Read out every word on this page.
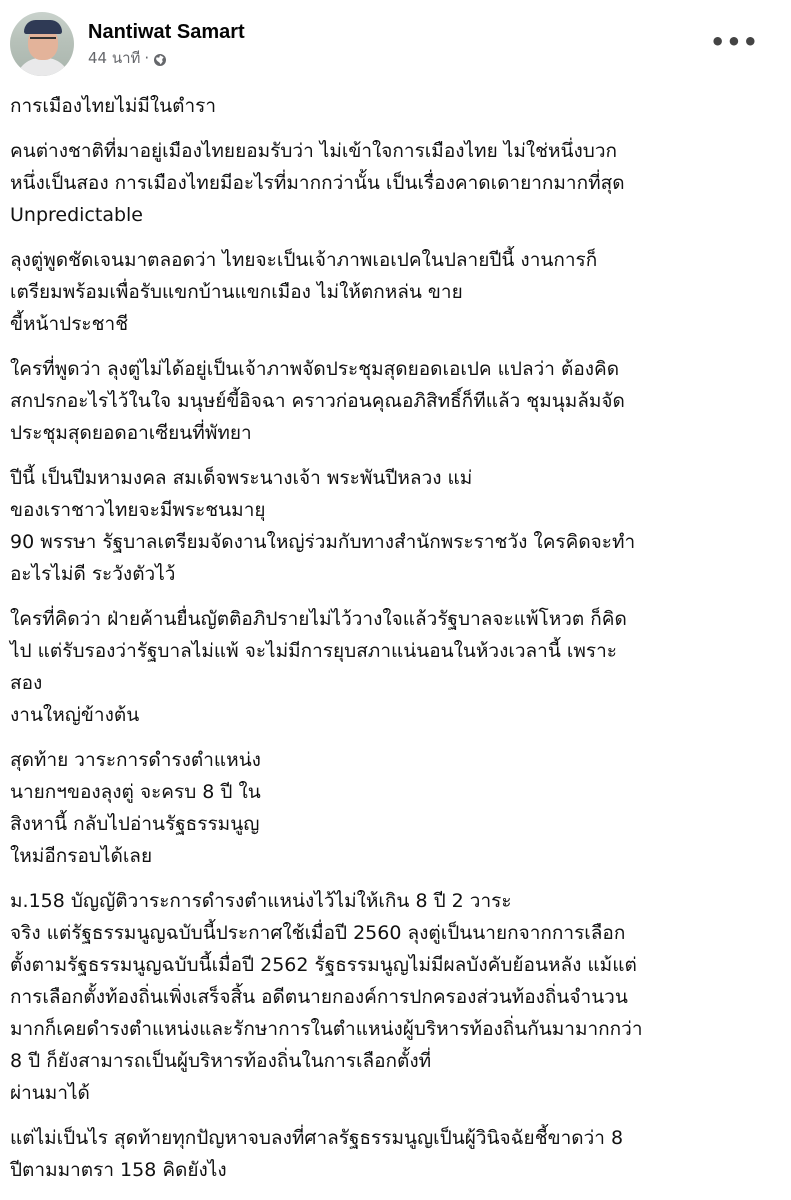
Nantiwat Samart
44 นาที ·
•••

การเมืองไทยไม่มีในตำรา

คนต่างชาติที่มาอยู่เมืองไทยยอมรับว่า ไม่เข้าใจการเมืองไทย ไม่ใช่หนึ่งบวก
หนึ่งเป็นสอง การเมืองไทยมีอะไรที่มากกว่านั้น เป็นเรื่องคาดเดายากมากที่สุด
Unpredictable

ลุงตู่พูดชัดเจนมาตลอดว่า ไทยจะเป็นเจ้าภาพเอเปคในปลายปีนี้ งานการก็
เตรียมพร้อมเพื่อรับแขกบ้านแขกเมือง ไม่ให้ตกหล่น ขาย
ขี้หน้าประชาชี

ใครที่พูดว่า ลุงตู่ไม่ได้อยู่เป็นเจ้าภาพจัดประชุมสุดยอดเอเปค แปลว่า ต้องคิด
สกปรกอะไรไว้ในใจ มนุษย์ขี้อิจฉา คราวก่อนคุณอภิสิทธิ์ก็ทีแล้ว ชุมนุมล้มจัด
ประชุมสุดยอดอาเซียนที่พัทยา

ปีนี้ เป็นปีมหามงคล สมเด็จพระนางเจ้า พระพันปีหลวง แม่
ของเราชาวไทยจะมีพระชนมายุ
90 พรรษา รัฐบาลเตรียมจัดงานใหญ่ร่วมกับทางสำนักพระราชวัง ใครคิดจะทำ
อะไรไม่ดี ระวังตัวไว้

ใครที่คิดว่า ฝ่ายค้านยื่นญัตติอภิปรายไม่ไว้วางใจแล้วรัฐบาลจะแพ้โหวต ก็คิด
ไป แต่รับรองว่ารัฐบาลไม่แพ้ จะไม่มีการยุบสภาแน่นอนในห้วงเวลานี้ เพราะ
สอง
งานใหญ่ข้างต้น

สุดท้าย วาระการดำรงตำแหน่ง
นายกฯของลุงตู่ จะครบ 8 ปี ใน
สิงหานี้ กลับไปอ่านรัฐธรรมนูญ
ใหม่อีกรอบได้เลย

ม.158 บัญญัติวาระการดำรงตำแหน่งไว้ไม่ให้เกิน 8 ปี 2 วาระ
จริง แต่รัฐธรรมนูญฉบับนี้ประกาศใช้เมื่อปี 2560 ลุงตู่เป็นนายกจากการเลือก
ตั้งตามรัฐธรรมนูญฉบับนี้เมื่อปี 2562 รัฐธรรมนูญไม่มีผลบังคับย้อนหลัง แม้แต่
การเลือกตั้งท้องถิ่นเพิ่งเสร็จสิ้น อดีตนายกองค์การปกครองส่วนท้องถิ่นจำนวน
มากก็เคยดำรงตำแหน่งและรักษาการในตำแหน่งผู้บริหารท้องถิ่นกันมามากกว่า
8 ปี ก็ยังสามารถเป็นผู้บริหารท้องถิ่นในการเลือกตั้งที่
ผ่านมาได้

แต่ไม่เป็นไร สุดท้ายทุกปัญหาจบลงที่ศาลรัฐธรรมนูญเป็นผู้วินิจฉัยชี้ขาดว่า 8
ปีตามมาตรา 158 คิดยังไง
